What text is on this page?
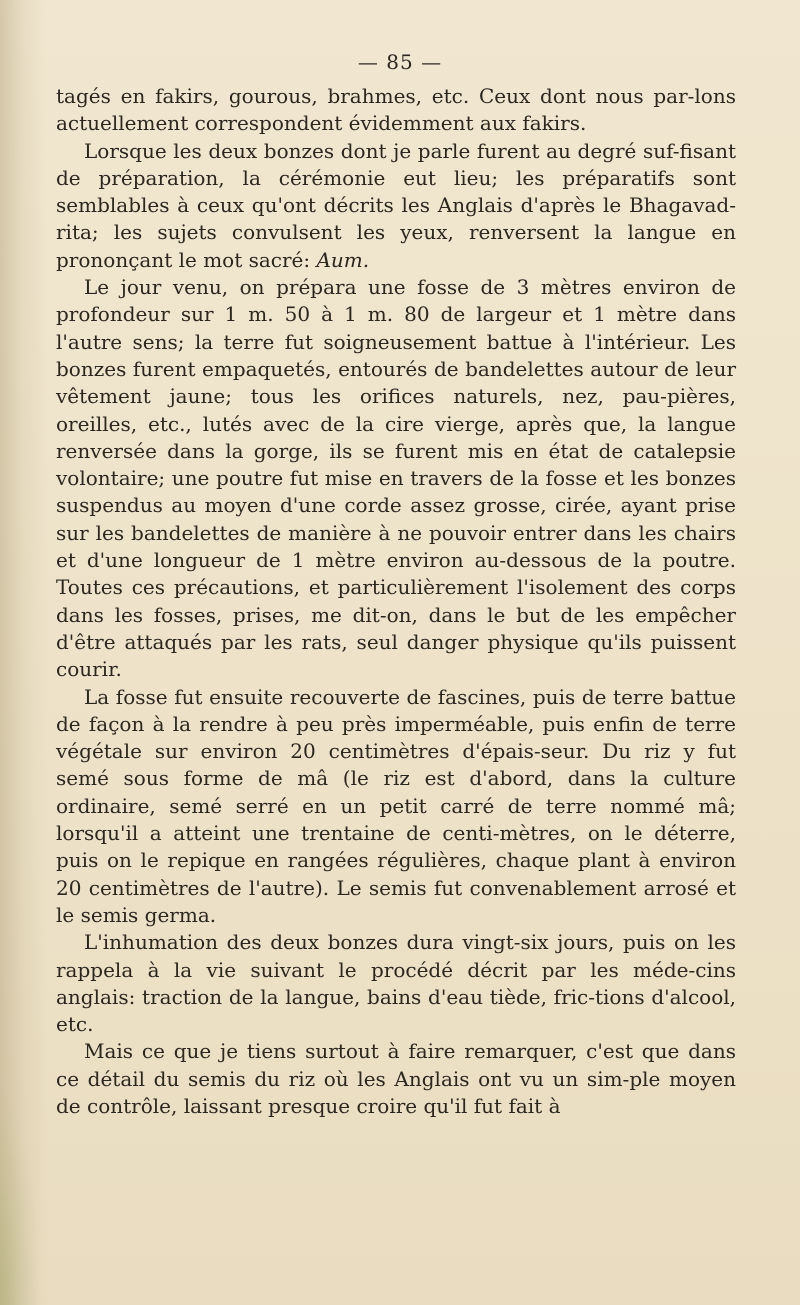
— 85 —

tagés en fakirs, gourous, brahmes, etc. Ceux dont nous par-lons actuellement correspondent évidemment aux fakirs.

Lorsque les deux bonzes dont je parle furent au degré suf-fisant de préparation, la cérémonie eut lieu; les préparatifs sont semblables à ceux qu'ont décrits les Anglais d'après le Bhagavad-rita; les sujets convulsent les yeux, renversent la langue en prononçant le mot sacré: Aum.

Le jour venu, on prépara une fosse de 3 mètres environ de profondeur sur 1 m. 50 à 1 m. 80 de largeur et 1 mètre dans l'autre sens; la terre fut soigneusement battue à l'intérieur. Les bonzes furent empaquetés, entourés de bandelettes autour de leur vêtement jaune; tous les orifices naturels, nez, pau-pières, oreilles, etc., lutés avec de la cire vierge, après que, la langue renversée dans la gorge, ils se furent mis en état de catalepsie volontaire; une poutre fut mise en travers de la fosse et les bonzes suspendus au moyen d'une corde assez grosse, cirée, ayant prise sur les bandelettes de manière à ne pouvoir entrer dans les chairs et d'une longueur de 1 mètre environ au-dessous de la poutre. Toutes ces précautions, et particulièrement l'isolement des corps dans les fosses, prises, me dit-on, dans le but de les empêcher d'être attaqués par les rats, seul danger physique qu'ils puissent courir.

La fosse fut ensuite recouverte de fascines, puis de terre battue de façon à la rendre à peu près imperméable, puis enfin de terre végétale sur environ 20 centimètres d'épais-seur. Du riz y fut semé sous forme de mâ (le riz est d'abord, dans la culture ordinaire, semé serré en un petit carré de terre nommé mâ; lorsqu'il a atteint une trentaine de centi-mètres, on le déterre, puis on le repique en rangées régulières, chaque plant à environ 20 centimètres de l'autre). Le semis fut convenablement arrosé et le semis germa.

L'inhumation des deux bonzes dura vingt-six jours, puis on les rappela à la vie suivant le procédé décrit par les méde-cins anglais: traction de la langue, bains d'eau tiède, fric-tions d'alcool, etc.

Mais ce que je tiens surtout à faire remarquer, c'est que dans ce détail du semis du riz où les Anglais ont vu un sim-ple moyen de contrôle, laissant presque croire qu'il fut fait à
